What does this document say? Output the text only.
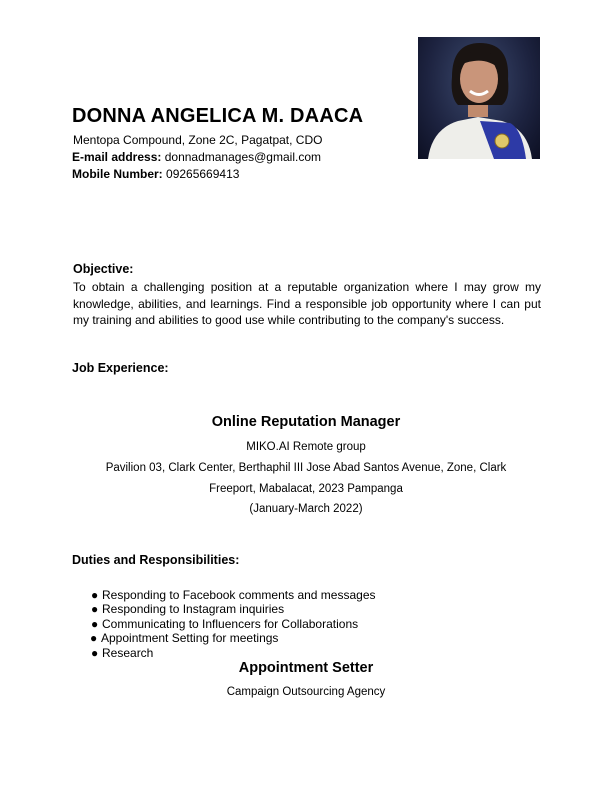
DONNA ANGELICA M. DAACA
Mentopa Compound, Zone 2C, Pagatpat, CDO
E-mail address: donnadmanages@gmail.com
Mobile Number: 09265669413
Objective:

To obtain a challenging position at a reputable organization where I may grow my

knowledge, abilities, and learnings. Find a responsible job opportunity where I can put

my training and abilities to good use while contributing to the company's success.

Job Experience:
Online Reputation Manager
MIKO.AI Remote group
Pavilion 03, Clark Center, Berthaphil III Jose Abad Santos Avenue, Zone, Clark
Freeport, Mabalacat, 2023 Pampanga
(January-March 2022)
Duties and Responsibilities:
● Responding to Facebook comments and messages
● Responding to Instagram inquiries
● Communicating to Influencers for Collaborations
● Appointment Setting for meetings
● Research
Appointment Setter
Campaign Outsourcing Agency
